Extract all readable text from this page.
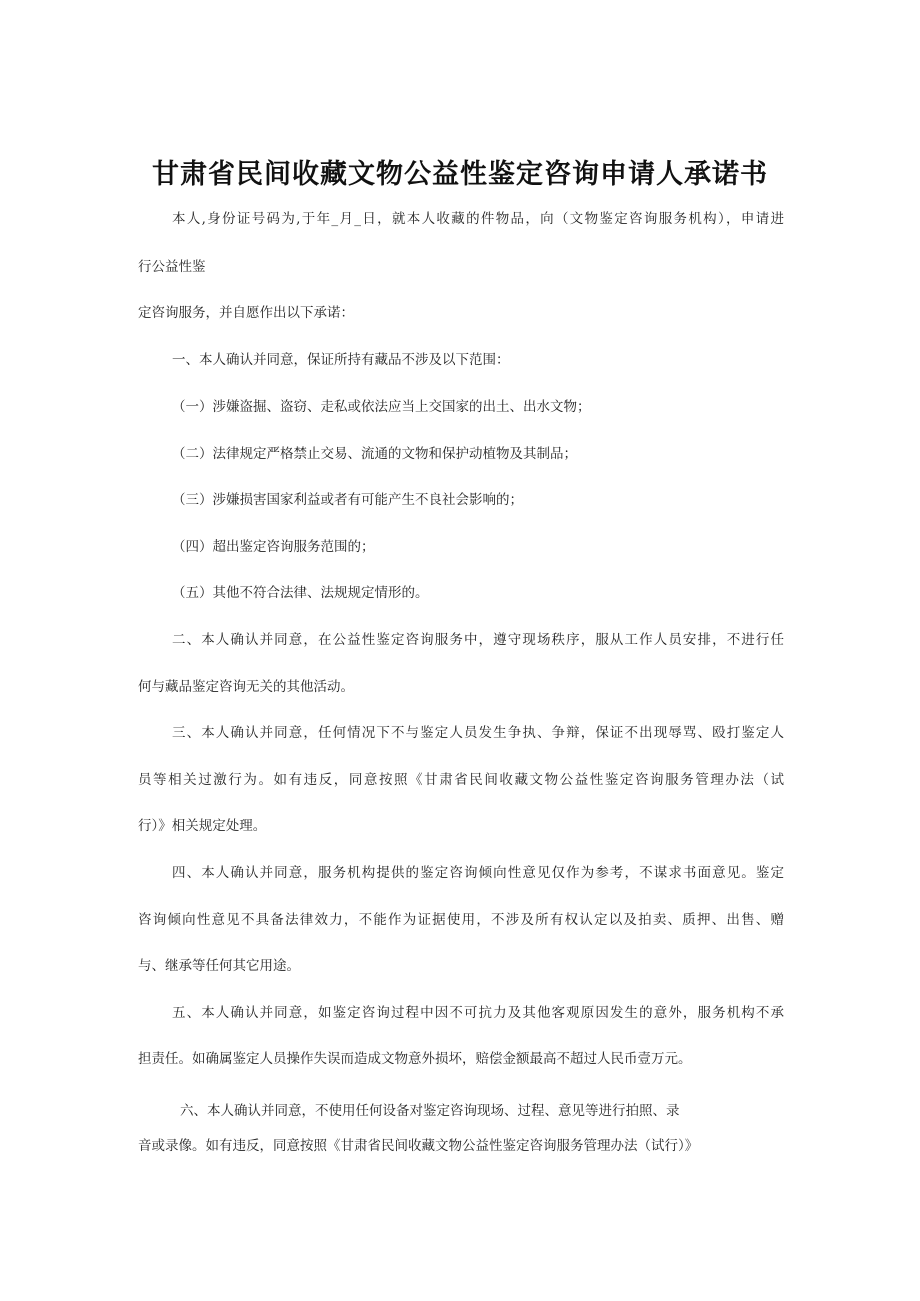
甘肃省民间收藏文物公益性鉴定咨询申请人承诺书
本人,身份证号码为,于年_月_日，就本人收藏的件物品，向（文物鉴定咨询服务机构），申请进
行公益性鉴
定咨询服务，并自愿作出以下承诺：
一、本人确认并同意，保证所持有藏品不涉及以下范围：
（一）涉嫌盗掘、盗窃、走私或依法应当上交国家的出土、出水文物；
（二）法律规定严格禁止交易、流通的文物和保护动植物及其制品；
（三）涉嫌损害国家利益或者有可能产生不良社会影响的；
（四）超出鉴定咨询服务范围的；
（五）其他不符合法律、法规规定情形的。
二、本人确认并同意，在公益性鉴定咨询服务中，遵守现场秩序，服从工作人员安排，不进行任
何与藏品鉴定咨询无关的其他活动。
三、本人确认并同意，任何情况下不与鉴定人员发生争执、争辩，保证不出现辱骂、殴打鉴定人
员等相关过激行为。如有违反，同意按照《甘肃省民间收藏文物公益性鉴定咨询服务管理办法（试
行）》相关规定处理。
四、本人确认并同意，服务机构提供的鉴定咨询倾向性意见仅作为参考，不谋求书面意见。鉴定
咨询倾向性意见不具备法律效力，不能作为证据使用，不涉及所有权认定以及拍卖、质押、出售、赠
与、继承等任何其它用途。
五、本人确认并同意，如鉴定咨询过程中因不可抗力及其他客观原因发生的意外，服务机构不承
担责任。如确属鉴定人员操作失误而造成文物意外损坏，赔偿金额最高不超过人民币壹万元。
六、本人确认并同意，不使用任何设备对鉴定咨询现场、过程、意见等进行拍照、录
音或录像。如有违反，同意按照《甘肃省民间收藏文物公益性鉴定咨询服务管理办法（试行）》
